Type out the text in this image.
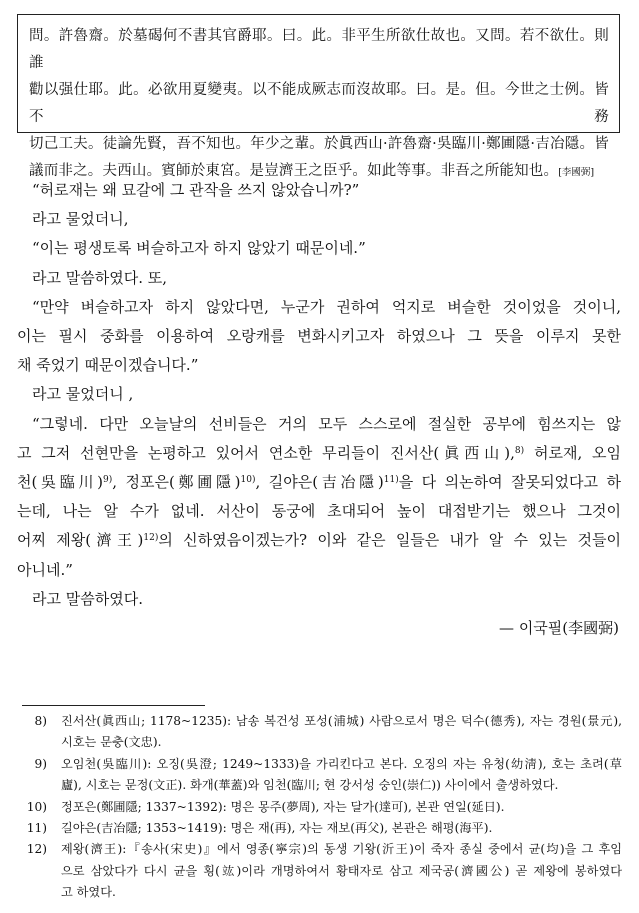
問。許魯齋。於墓碣何不書其官爵耶。曰。此。非平生所欲仕故也。又問。若不欲仕。則誰

勸以强仕耶。此。必欲用夏變夷。以不能成厥志而沒故耶。曰。是。但。今世之士例。皆不務

切己工夫。徒論先賢，吾不知也。年少之輩。於眞西山·許魯齋·吳臨川·鄭圃隱·吉冶隱。皆

議而非之。夫西山。賓師於東宮。是豈濟王之臣乎。如此等事。非吾之所能知也。[李國弼]

“허로재는 왜 묘갈에 그 관작을 쓰지 않았습니까?”

라고 물었더니,

“이는 평생토록 벼슬하고자 하지 않았기 때문이네.”

라고 말씀하였다. 또,

“만약 벼슬하고자 하지 않았다면, 누군가 권하여 억지로 벼슬한 것이었을 것이니,

이는 필시 중화를 이용하여 오랑캐를 변화시키고자 하였으나 그 뜻을 이루지 못한

채 죽었기 때문이겠습니다.”

라고 물었더니 ,

“그렇네. 다만 오늘날의 선비들은 거의 모두 스스로에 절실한 공부에 힘쓰지는 않

고 그저 선현만을 논평하고 있어서 연소한 무리들이 진서산(眞西山),$^{8)}$ 허로재, 오임

천(吳臨川)$^{9)}$, 정포은(鄭圃隱)$^{10)}$, 길야은(吉冶隱)$^{11)}$을 다 의논하여 잘못되었다고 하

는데, 나는 알 수가 없네. 서산이 동궁에 초대되어 높이 대접받기는 했으나 그것이

어찌 제왕(濟王)$^{12)}$의 신하였음이겠는가? 이와 같은 일들은 내가 알 수 있는 것들이

아니네.”

라고 말씀하였다.

— 이국필(李國弼)

8) 진서산(眞西山; 1178~1235): 남송 복건성 포성(浦城) 사람으로서 명은 덕수(德秀), 자는 경원(景元),
시호는 문충(文忠).
9) 오임천(吳臨川): 오징(吳澄; 1249~1333)을 가리킨다고 본다. 오징의 자는 유청(幼淸), 호는 초려(草
廬), 시호는 문정(文正). 화개(華蓋)와 임천(臨川; 현 강서성 숭인(崇仁)) 사이에서 출생하였다.
10) 정포은(鄭圃隱; 1337~1392): 명은 몽주(夢周), 자는 달가(達可), 본관 연일(延日).
11) 길야은(吉冶隱; 1353~1419): 명은 재(再), 자는 재보(再父), 본관은 해평(海平).
12) 제왕(濟王):『송사(宋史)』에서 영종(寧宗)의 동생 기왕(沂王)이 죽자 종실 중에서 균(均)을 그 후임
으로 삼았다가 다시 균을 횡(竑)이라 개명하여서 황태자로 삼고 제국공(濟國公) 곧 제왕에 봉하였다
고 하였다.
